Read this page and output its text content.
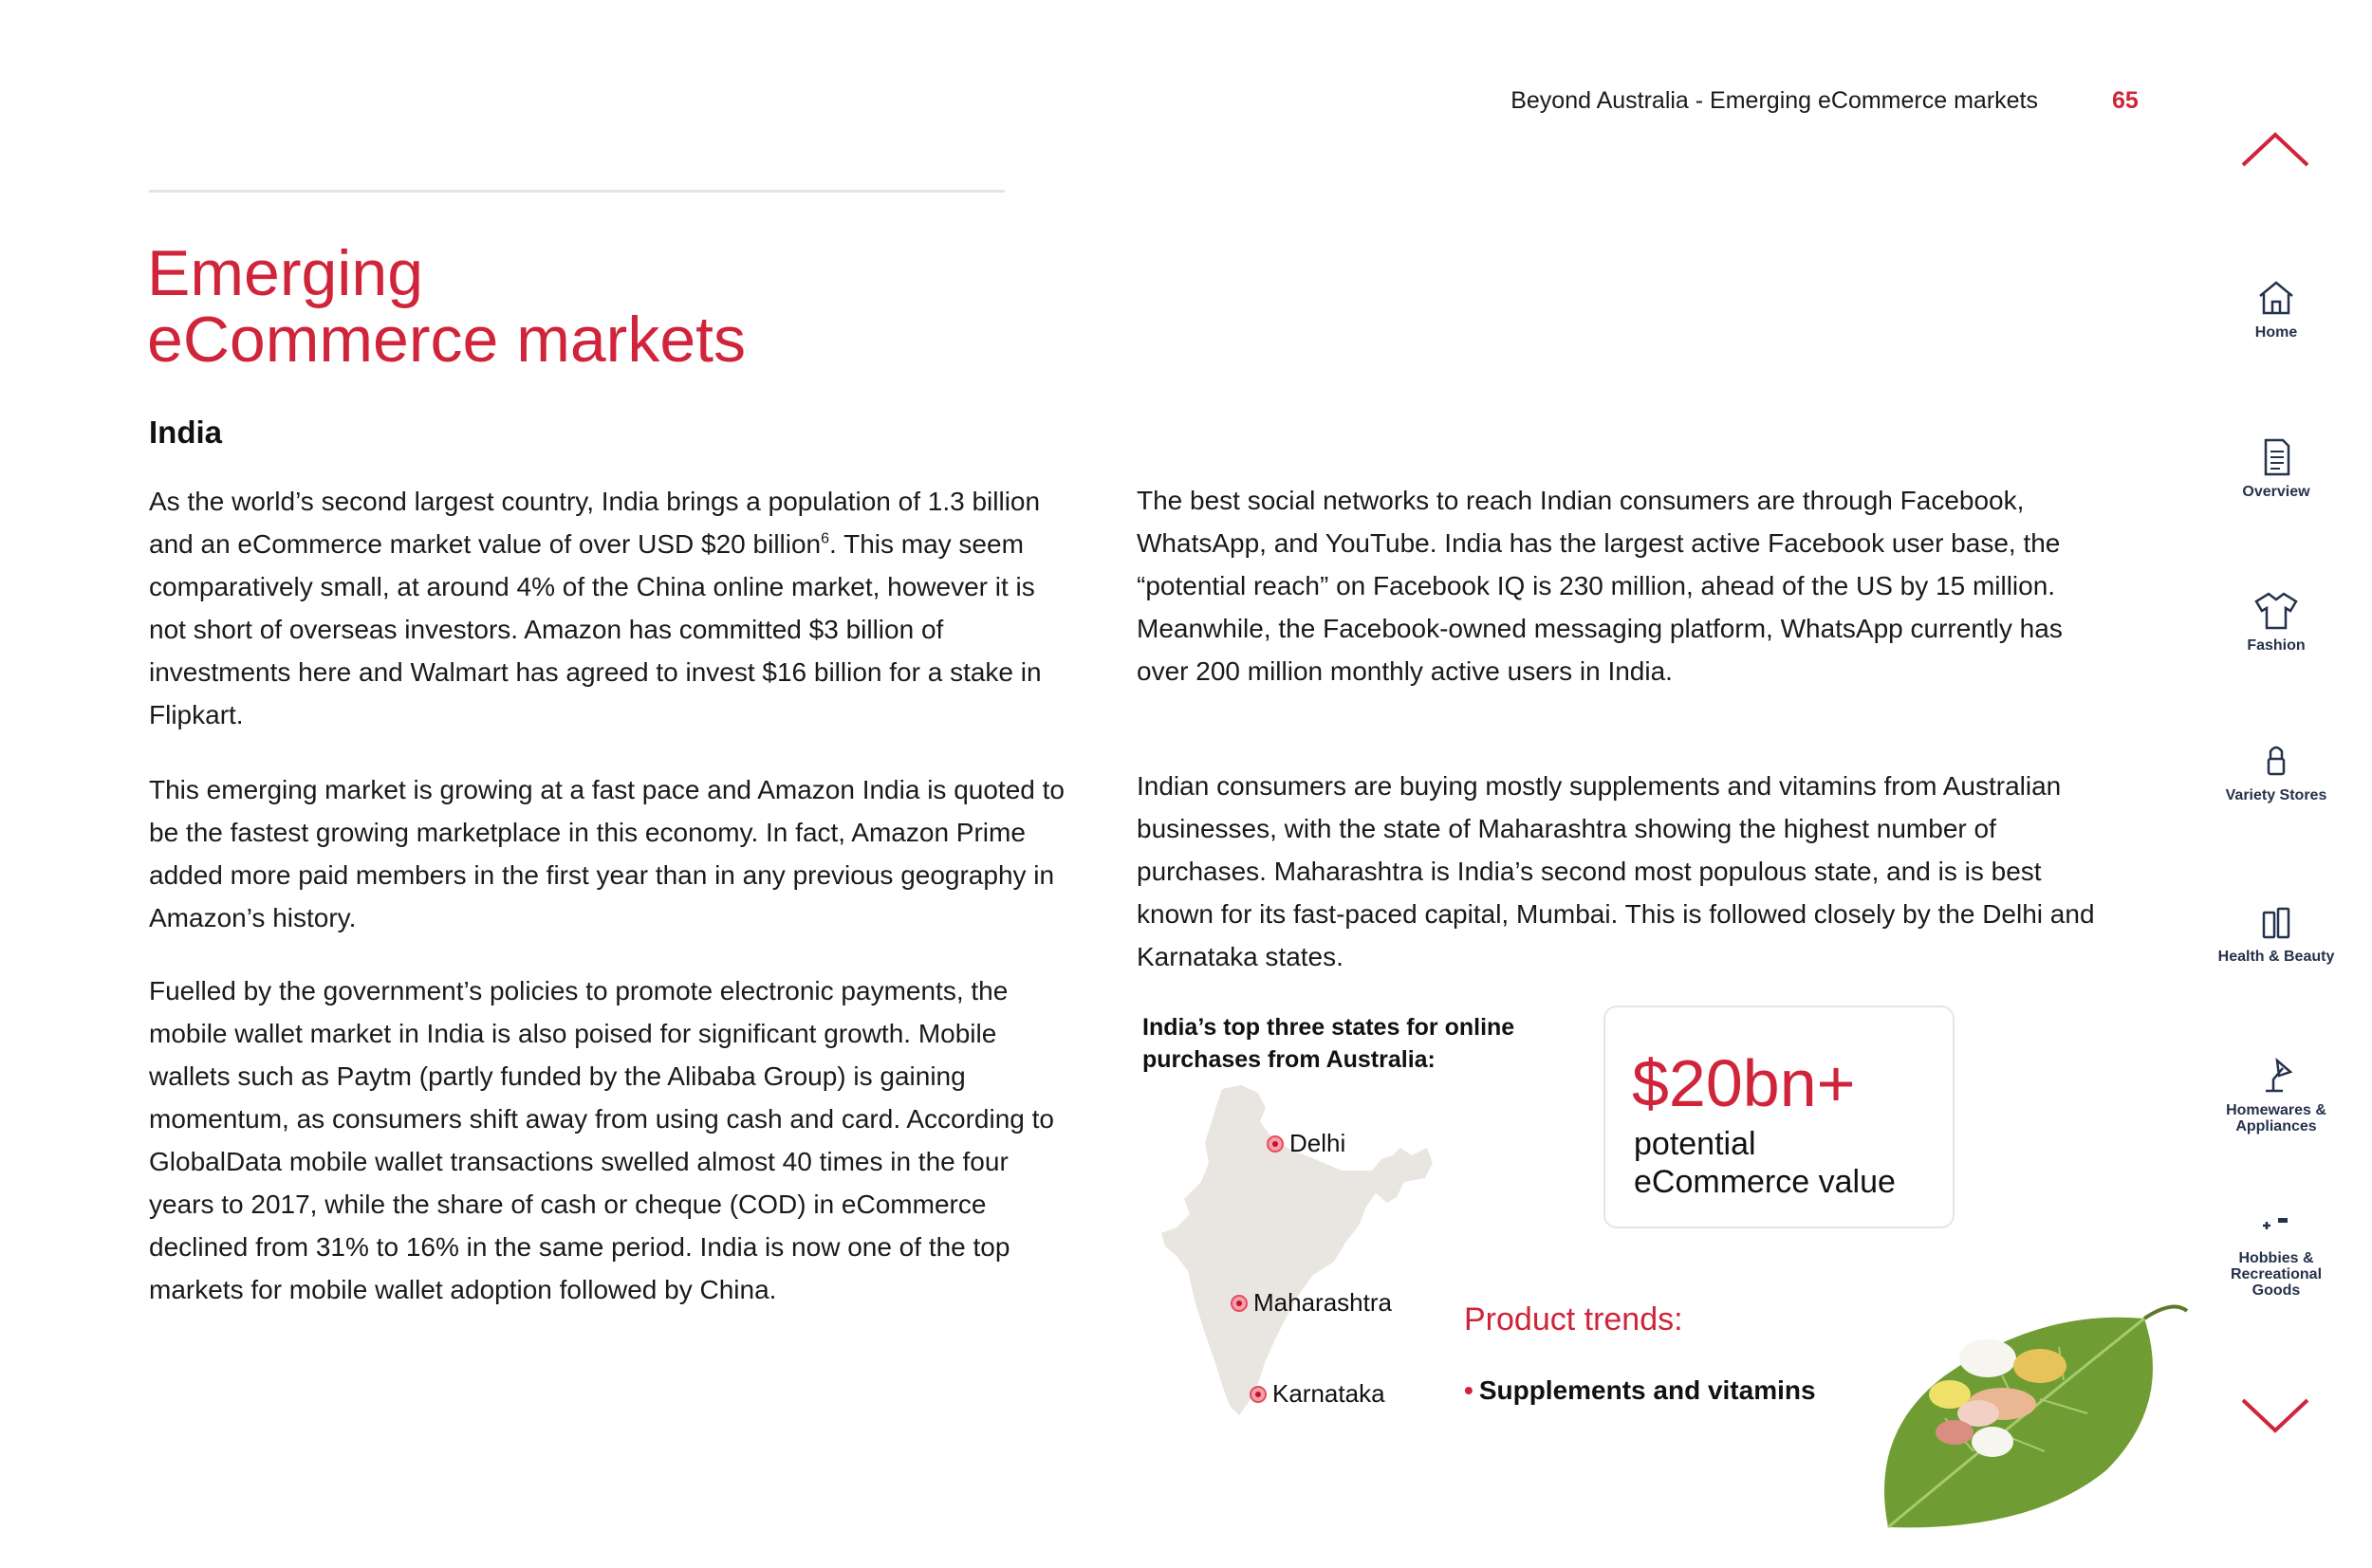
Beyond Australia - Emerging eCommerce markets	65
Emerging
eCommerce markets
India

As the world’s second largest country, India brings a population of 1.3 billion and an eCommerce market value of over USD $20 billion$^6$. This may seem comparatively small, at around 4% of the China online market, however it is not short of overseas investors. Amazon has committed $3 billion of investments here and Walmart has agreed to invest $16 billion for a stake in Flipkart.

This emerging market is growing at a fast pace and Amazon India is quoted to be the fastest growing marketplace in this economy. In fact, Amazon Prime added more paid members in the first year than in any previous geography in Amazon’s history.

Fuelled by the government’s policies to promote electronic payments, the mobile wallet market in India is also poised for significant growth. Mobile wallets such as Paytm (partly funded by the Alibaba Group) is gaining momentum, as consumers shift away from using cash and card. According to GlobalData mobile wallet transactions swelled almost 40 times in the four years to 2017, while the share of cash or cheque (COD) in eCommerce declined from 31% to 16% in the same period. India is now one of the top markets for mobile wallet adoption followed by China.

The best social networks to reach Indian consumers are through Facebook, WhatsApp, and YouTube. India has the largest active Facebook user base, the “potential reach” on Facebook IQ is 230 million, ahead of the US by 15 million. Meanwhile, the Facebook-owned messaging platform, WhatsApp currently has over 200 million monthly active users in India.

Indian consumers are buying mostly supplements and vitamins from Australian businesses, with the state of Maharashtra showing the highest number of purchases. Maharashtra is India’s second most populous state, and is is best known for its fast-paced capital, Mumbai. This is followed closely by the Delhi and Karnataka states.

India’s top three states for online purchases from Australia:
Delhi
Maharashtra
Karnataka
$20bn+
potential eCommerce value
Product trends:
• Supplements and vitamins
Home
Overview
Fashion
Variety Stores
Health & Beauty
Homewares & Appliances
Hobbies & Recreational Goods
